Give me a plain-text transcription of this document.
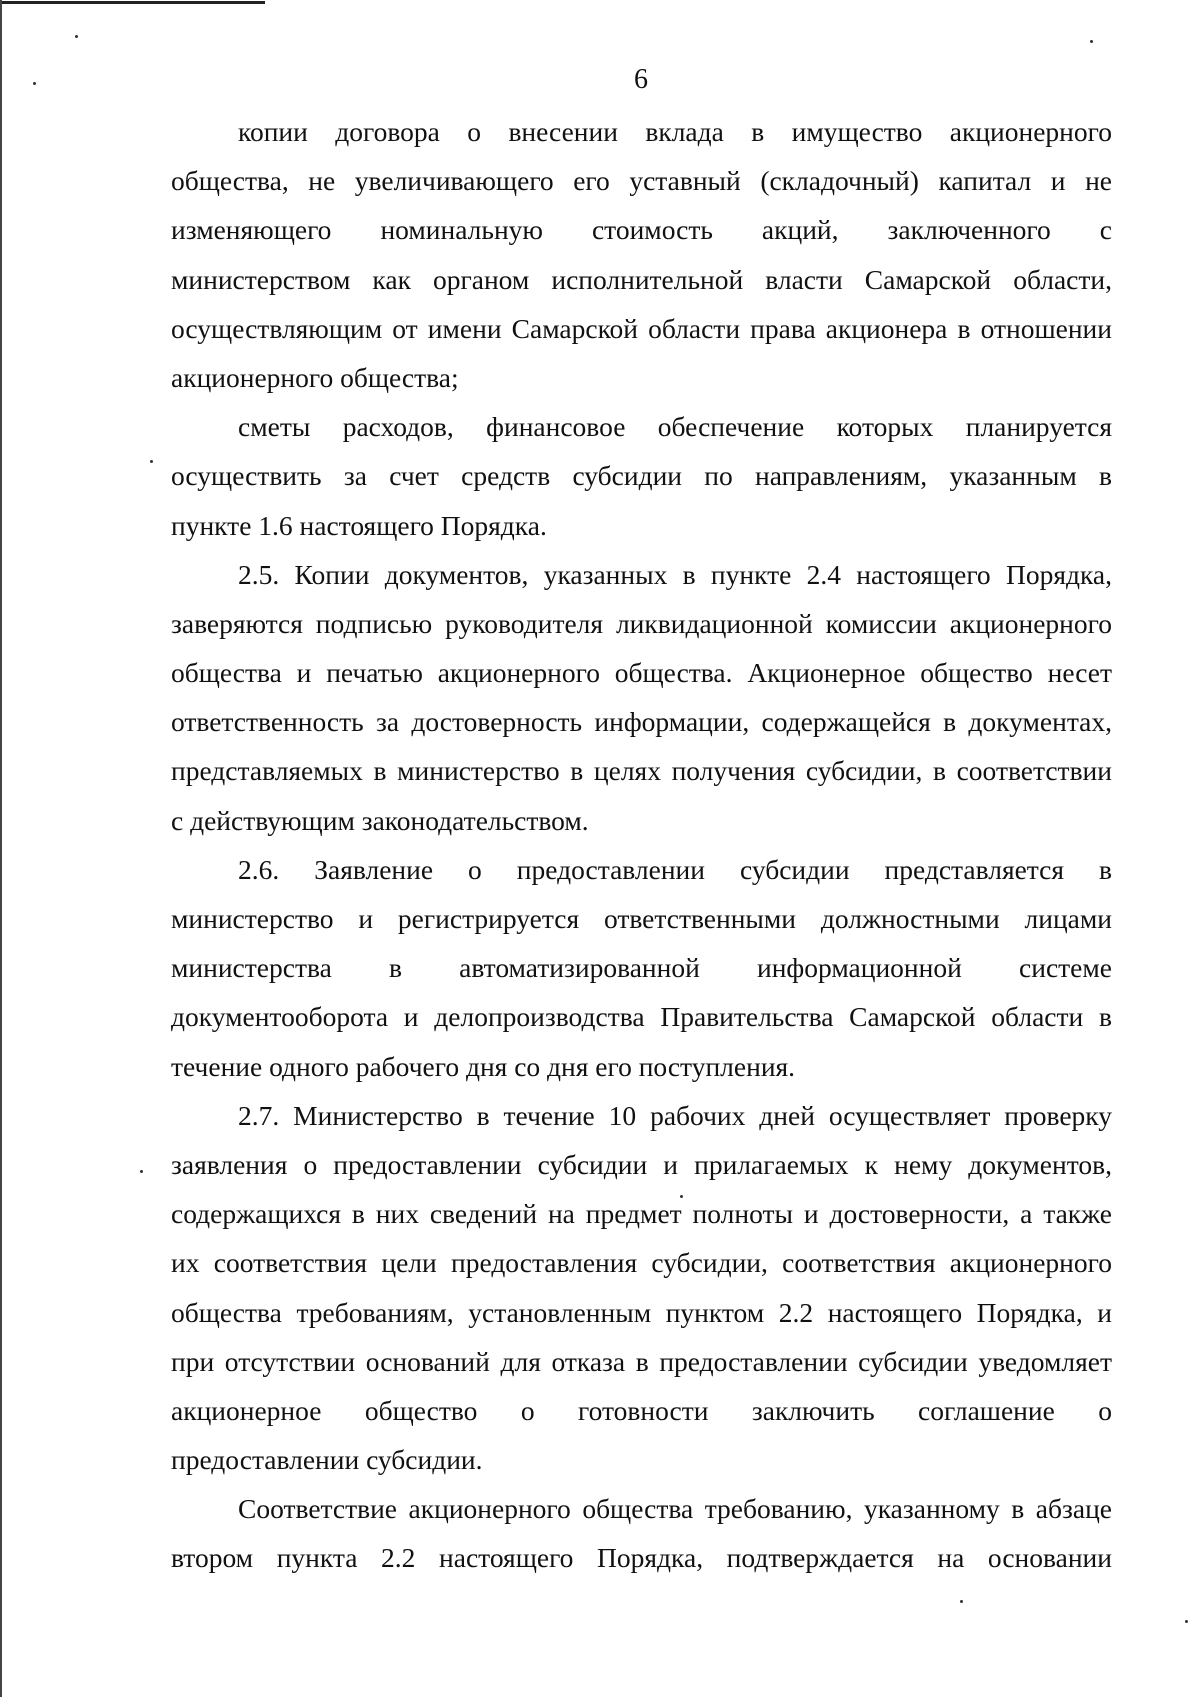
6
копии договора о внесении вклада в имущество акционерного
общества, не увеличивающего его уставный (складочный) капитал и не
изменяющего номинальную стоимость акций, заключенного с
министерством как органом исполнительной власти Самарской области,
осуществляющим от имени Самарской области права акционера в отношении
акционерного общества;
сметы расходов, финансовое обеспечение которых планируется
осуществить за счет средств субсидии по направлениям, указанным в
пункте 1.6 настоящего Порядка.
2.5. Копии документов, указанных в пункте 2.4 настоящего Порядка,
заверяются подписью руководителя ликвидационной комиссии акционерного
общества и печатью акционерного общества. Акционерное общество несет
ответственность за достоверность информации, содержащейся в документах,
представляемых в министерство в целях получения субсидии, в соответствии
с действующим законодательством.
2.6. Заявление о предоставлении субсидии представляется в
министерство и регистрируется ответственными должностными лицами
министерства в автоматизированной информационной системе
документооборота и делопроизводства Правительства Самарской области в
течение одного рабочего дня со дня его поступления.
2.7. Министерство в течение 10 рабочих дней осуществляет проверку
заявления о предоставлении субсидии и прилагаемых к нему документов,
содержащихся в них сведений на предмет полноты и достоверности, а также
их соответствия цели предоставления субсидии, соответствия акционерного
общества требованиям, установленным пунктом 2.2 настоящего Порядка, и
при отсутствии оснований для отказа в предоставлении субсидии уведомляет
акционерное общество о готовности заключить соглашение о
предоставлении субсидии.
Соответствие акционерного общества требованию, указанному в абзаце
втором пункта 2.2 настоящего Порядка, подтверждается на основании
